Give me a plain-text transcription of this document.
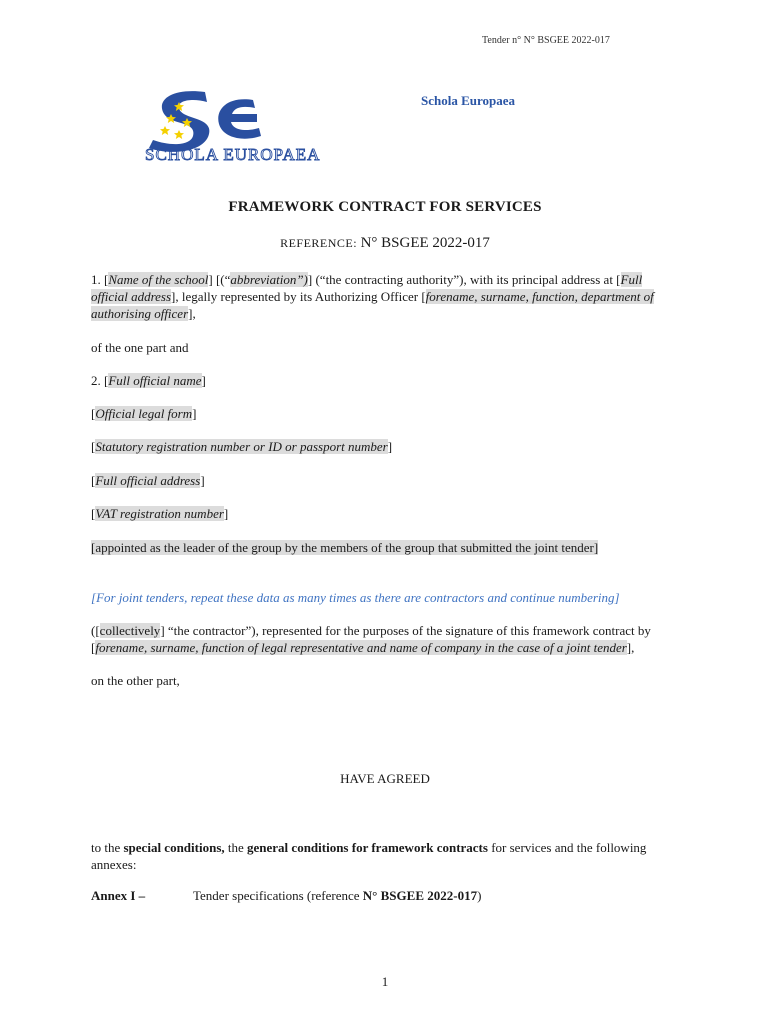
Tender n° N° BSGEE 2022-017
SCHOLA EUROPAEA
Schola Europaea
FRAMEWORK CONTRACT FOR SERVICES
REFERENCE: N° BSGEE 2022-017
1. [Name of the school] [(“abbreviation”)] (“the contracting authority”), with its principal address at [Full official address], legally represented by its Authorizing Officer [forename, surname, function, department of authorising officer],
of the one part and
2. [Full official name]
[Official legal form]
[Statutory registration number or ID or passport number]
[Full official address]
[VAT registration number]
[appointed as the leader of the group by the members of the group that submitted the joint tender]
[For joint tenders, repeat these data as many times as there are contractors and continue numbering]
([collectively] “the contractor”), represented for the purposes of the signature of this framework contract by [forename, surname, function of legal representative and name of company in the case of a joint tender],
on the other part,
HAVE AGREED
to the special conditions, the general conditions for framework contracts for services and the following annexes:
Annex I –	Tender specifications (reference N° BSGEE 2022-017)
1
